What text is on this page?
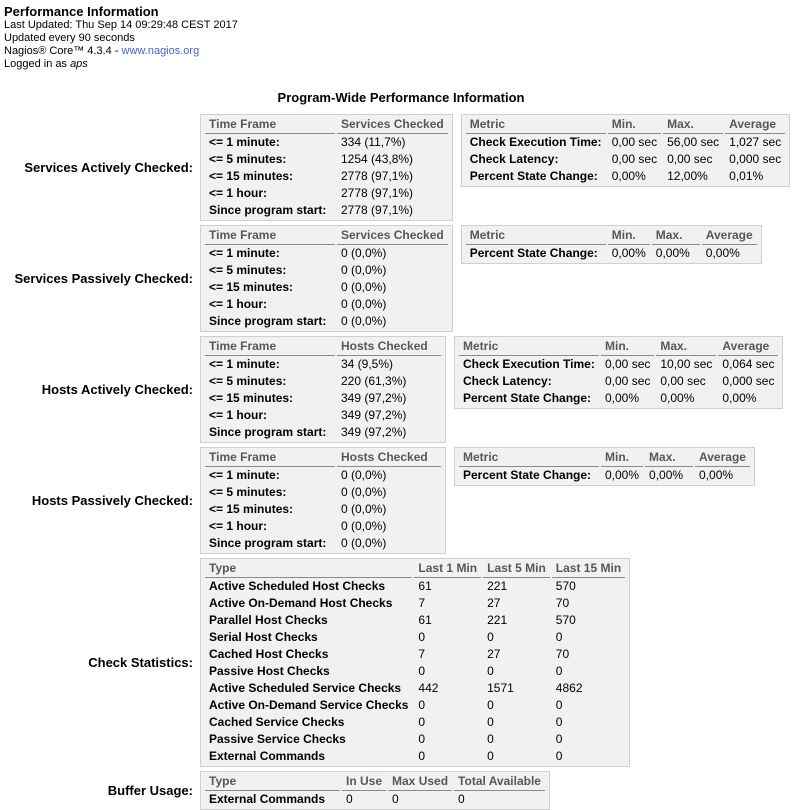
Performance Information
Last Updated: Thu Sep 14 09:29:48 CEST 2017
Updated every 90 seconds
Nagios® Core™ 4.3.4 - www.nagios.org
Logged in as aps
Program-Wide Performance Information
Services Actively Checked:
Time Frame	Services Checked
<= 1 minute:	334 (11,7%)
<= 5 minutes:	1254 (43,8%)
<= 15 minutes:	2778 (97,1%)
<= 1 hour:	2778 (97,1%)
Since program start:	2778 (97,1%)
Metric	Min.	Max.	Average
Check Execution Time:	0,00 sec	56,00 sec	1,027 sec
Check Latency:	0,00 sec	0,00 sec	0,000 sec
Percent State Change:	0,00%	12,00%	0,01%
Services Passively Checked:
Time Frame	Services Checked
<= 1 minute:	0 (0,0%)
<= 5 minutes:	0 (0,0%)
<= 15 minutes:	0 (0,0%)
<= 1 hour:	0 (0,0%)
Since program start:	0 (0,0%)
Metric	Min.	Max.	Average
Percent State Change:	0,00%	0,00%	0,00%
Hosts Actively Checked:
Time Frame	Hosts Checked
<= 1 minute:	34 (9,5%)
<= 5 minutes:	220 (61,3%)
<= 15 minutes:	349 (97,2%)
<= 1 hour:	349 (97,2%)
Since program start:	349 (97,2%)
Metric	Min.	Max.	Average
Check Execution Time:	0,00 sec	10,00 sec	0,064 sec
Check Latency:	0,00 sec	0,00 sec	0,000 sec
Percent State Change:	0,00%	0,00%	0,00%
Hosts Passively Checked:
Time Frame	Hosts Checked
<= 1 minute:	0 (0,0%)
<= 5 minutes:	0 (0,0%)
<= 15 minutes:	0 (0,0%)
<= 1 hour:	0 (0,0%)
Since program start:	0 (0,0%)
Metric	Min.	Max.	Average
Percent State Change:	0,00%	0,00%	0,00%
Check Statistics:
Type	Last 1 Min	Last 5 Min	Last 15 Min
Active Scheduled Host Checks	61	221	570
Active On-Demand Host Checks	7	27	70
Parallel Host Checks	61	221	570
Serial Host Checks	0	0	0
Cached Host Checks	7	27	70
Passive Host Checks	0	0	0
Active Scheduled Service Checks	442	1571	4862
Active On-Demand Service Checks	0	0	0
Cached Service Checks	0	0	0
Passive Service Checks	0	0	0
External Commands	0	0	0
Buffer Usage:
Type	In Use	Max Used	Total Available
External Commands	0	0	0
